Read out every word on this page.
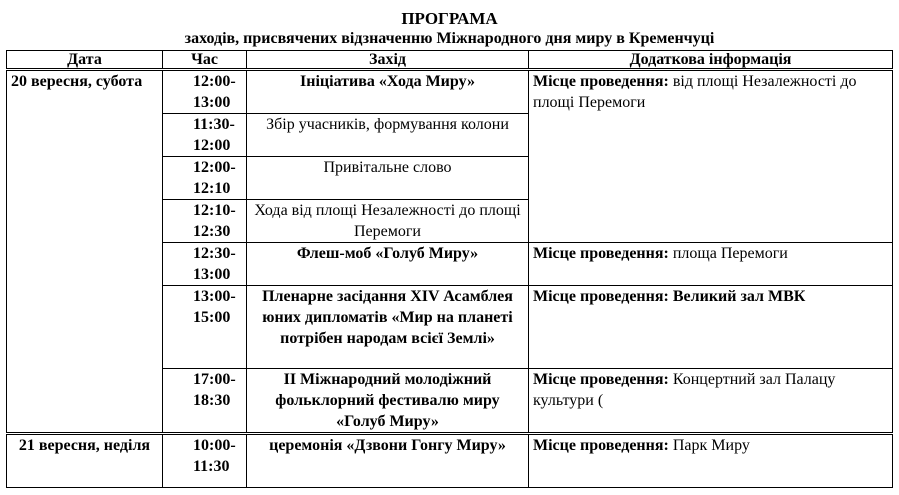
ПРОГРАМА
заходів, присвячених відзначенню Міжнародного дня миру в Кременчуці
Дата	Час	Захід	Додаткова інформація
20 вересня, субота	12:00-13:00	Ініціатива «Хода Миру»	Місце проведення: від площі Незалежності до площі Перемоги
	11:30-12:00	Збір учасників, формування колони	
	12:00-12:10	Привітальне слово	
	12:10-12:30	Хода від площі Незалежності до площі Перемоги	
	12:30-13:00	Флеш-моб «Голуб Миру»	Місце проведення: площа Перемоги
	13:00-15:00	Пленарне засідання XIV Асамблея юних дипломатів «Мир на планеті потрібен народам всієї Землі»	Місце проведення: Великий зал МВК
	17:00-18:30	ІІ Міжнародний молодіжний фольклорний фестивалю миру «Голуб Миру»	Місце проведення: Концертний зал Палацу культури (
21 вересня, неділя	10:00-11:30	церемонія «Дзвони Гонгу Миру»	Місце проведення: Парк Миру
